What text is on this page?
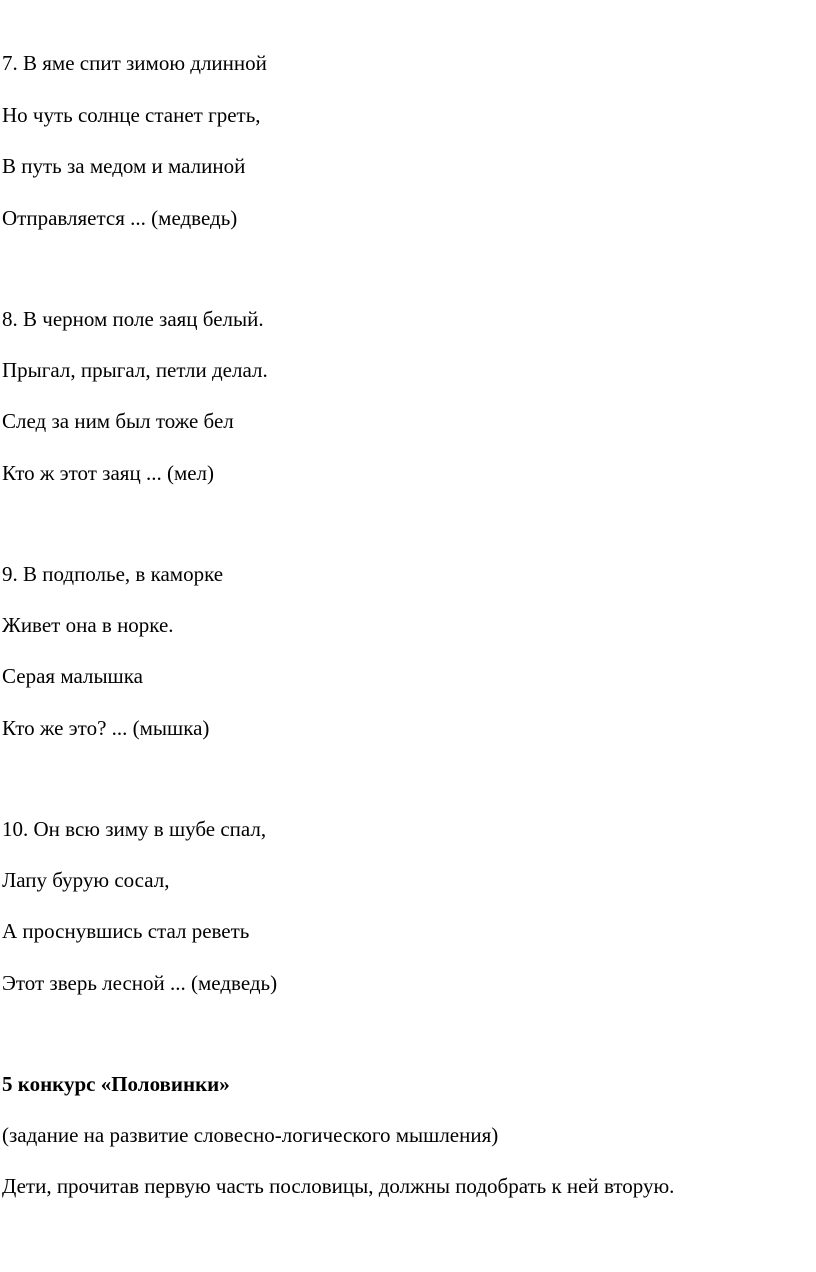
7. В яме спит зимою длинной
Но чуть солнце станет греть,
В путь за медом и малиной
Отправляется ... (медведь)
8. В черном поле заяц белый.
Прыгал, прыгал, петли делал.
След за ним был тоже бел
Кто ж этот заяц ... (мел)
9. В подполье, в каморке
Живет она в норке.
Серая малышка
Кто же это? ... (мышка)
10. Он всю зиму в шубе спал,
Лапу бурую сосал,
А проснувшись стал реветь
Этот зверь лесной ... (медведь)
5 конкурс «Половинки»
(задание на развитие словесно-логического мышления)
Дети, прочитав первую часть пословицы, должны подобрать к ней вторую.
